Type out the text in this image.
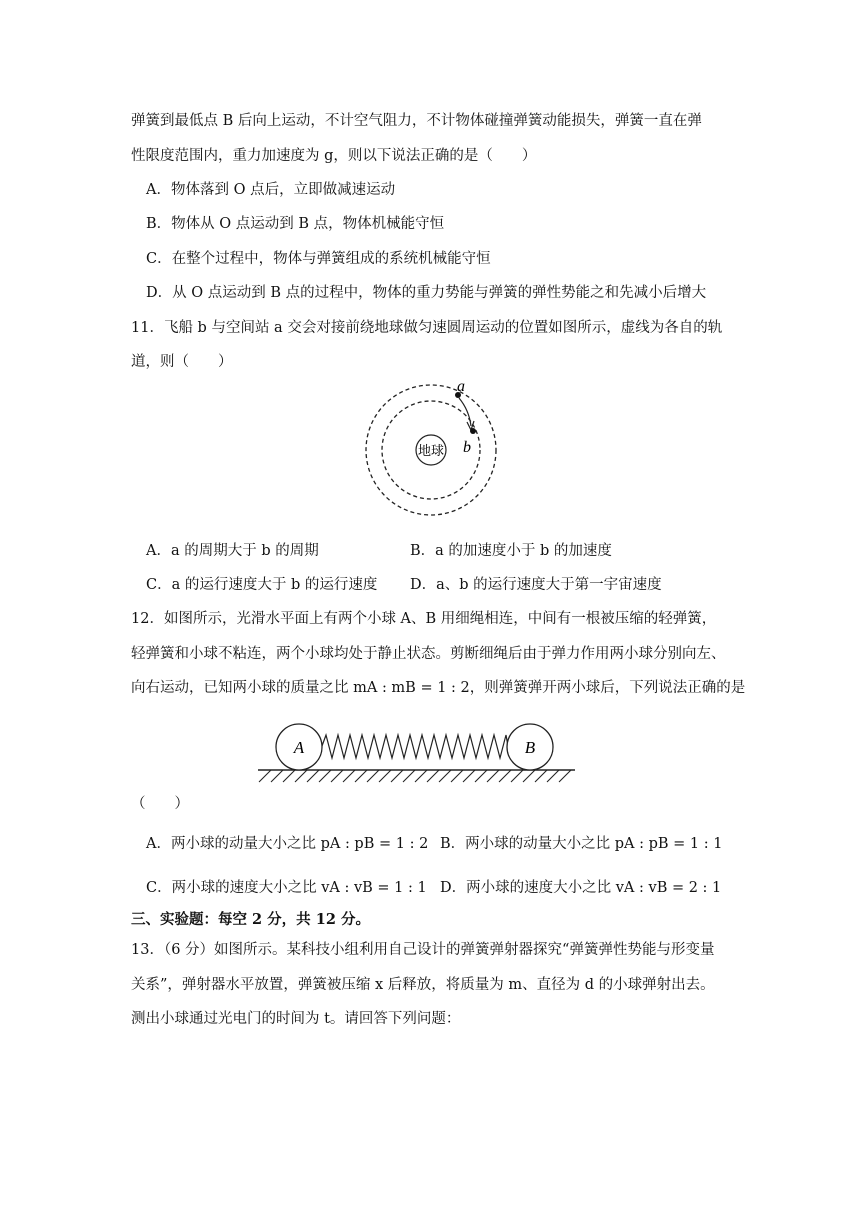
弹簧到最低点 B 后向上运动，不计空气阻力，不计物体碰撞弹簧动能损失，弹簧一直在弹
性限度范围内，重力加速度为 g，则以下说法正确的是（　　）
A．物体落到 O 点后，立即做减速运动
B．物体从 O 点运动到 B 点，物体机械能守恒
C．在整个过程中，物体与弹簧组成的系统机械能守恒
D．从 O 点运动到 B 点的过程中，物体的重力势能与弹簧的弹性势能之和先减小后增大
11．飞船 b 与空间站 a 交会对接前绕地球做匀速圆周运动的位置如图所示，虚线为各自的轨
道，则（　　）
地球
a
b
A．a 的周期大于 b 的周期	B．a 的加速度小于 b 的加速度
C．a 的运行速度大于 b 的运行速度 D．a、b 的运行速度大于第一宇宙速度
12．如图所示，光滑水平面上有两个小球 A、B 用细绳相连，中间有一根被压缩的轻弹簧，
轻弹簧和小球不粘连，两个小球均处于静止状态。剪断细绳后由于弹力作用两小球分别向左、
向右运动，已知两小球的质量之比 mA : mB = 1 : 2，则弹簧弹开两小球后，下列说法正确的是
A	B
（　　）
A．两小球的动量大小之比 pA : pB = 1 : 2 B．两小球的动量大小之比 pA : pB = 1 : 1
C．两小球的速度大小之比 vA : vB = 1 : 1 D．两小球的速度大小之比 vA : vB = 2 : 1
三、实验题：每空 2 分，共 12 分。
13．（6 分）如图所示。某科技小组利用自己设计的弹簧弹射器探究“弹簧弹性势能与形变量
关系”，弹射器水平放置，弹簧被压缩 x 后释放，将质量为 m、直径为 d 的小球弹射出去。
测出小球通过光电门的时间为 t。请回答下列问题：
